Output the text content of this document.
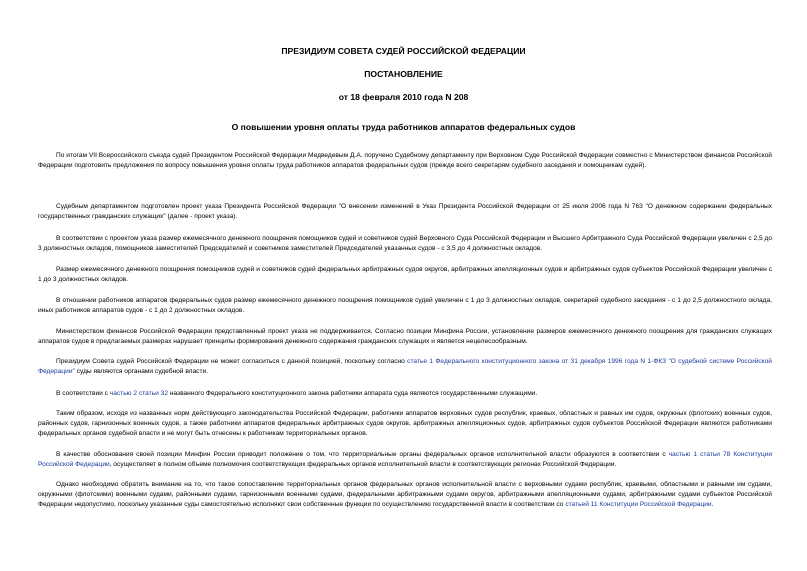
ПРЕЗИДИУМ СОВЕТА СУДЕЙ РОССИЙСКОЙ ФЕДЕРАЦИИ
ПОСТАНОВЛЕНИЕ
от 18 февраля 2010 года N 208
О повышении уровня оплаты труда работников аппаратов федеральных судов

По итогам VII Всероссийского съезда судей Президентом Российской Федерации Медведевым Д.А. поручено Судебному департаменту при Верховном Суде Российской Федерации совместно с Министерством финансов Российской Федерации подготовить предложения по вопросу повышения уровня оплаты труда работников аппаратов федеральных судов (прежде всего секретарям судебного заседания и помощникам судей).

Судебным департаментом подготовлен проект указа Президента Российской Федерации "О внесении изменений в Указ Президента Российской Федерации от 25 июля 2006 года N 763 "О денежном содержании федеральных государственных гражданских служащих" (далее - проект указа).

В соответствии с проектом указа размер ежемесячного денежного поощрения помощников судей и советников судей Верховного Суда Российской Федерации и Высшего Арбитражного Суда Российской Федерации увеличен с 2,5 до 3 должностных окладов, помощников заместителей Председателей и советников заместителей Председателей указанных судов - с 3,5 до 4 должностных окладов.

Размер ежемесячного денежного поощрения помощников судей и советников судей федеральных арбитражных судов округов, арбитражных апелляционных судов и арбитражных судов субъектов Российской Федерации увеличен с 1 до 3 должностных окладов.

В отношении работников аппаратов федеральных судов размер ежемесячного денежного поощрения помощников судей увеличен с 1 до 3 должностных окладов, секретарей судебного заседания - с 1 до 2,5 должностного оклада, иных работников аппаратов судов - с 1 до 2 должностных окладов.

Министерством финансов Российской Федерации представленный проект указа не поддерживается. Согласно позиции Минфина России, установление размеров ежемесячного денежного поощрения для гражданских служащих аппаратов судов в предлагаемых размерах нарушает принципы формирования денежного содержания гражданских служащих и является нецелесообразным.

Президиум Совета судей Российской Федерации не может согласиться с данной позицией, поскольку согласно статье 1 Федерального конституционного закона от 31 декабря 1996 года N 1-ФКЗ "О судебной системе Российской Федерации" суды являются органами судебной власти.

В соответствии с частью 2 статьи 32 названного Федерального конституционного закона работники аппарата суда являются государственными служащими.

Таким образом, исходя из названных норм действующего законодательства Российской Федерации, работники аппаратов верховных судов республик, краевых, областных и равных им судов, окружных (флотских) военных судов, районных судов, гарнизонных военных судов, а также работники аппаратов федеральных арбитражных судов округов, арбитражных апелляционных судов, арбитражных судов субъектов Российской Федерации являются работниками федеральных органов судебной власти и не могут быть отнесены к работникам территориальных органов.

В качестве обоснования своей позиции Минфин России приводит положение о том, что территориальные органы федеральных органов исполнительной власти образуются в соответствии с частью 1 статьи 78 Конституции Российской Федерации, осуществляет в полном объеме полномочия соответствующих федеральных органов исполнительной власти в соответствующих регионах Российской Федерации.

Однако необходимо обратить внимание на то, что такое сопоставление территориальных органов федеральных органов исполнительной власти с верховными судами республик, краевыми, областными и равными им судами, окружными (флотскими) военными судами, районными судами, гарнизонными военными судами, федеральными арбитражными судами округов, арбитражными апелляционными судами, арбитражными судами субъектов Российской Федерации недопустимо, поскольку указанные суды самостоятельно исполняют свои собственные функции по осуществлению государственной власти в соответствии со статьей 11 Конституции Российской Федерации.
